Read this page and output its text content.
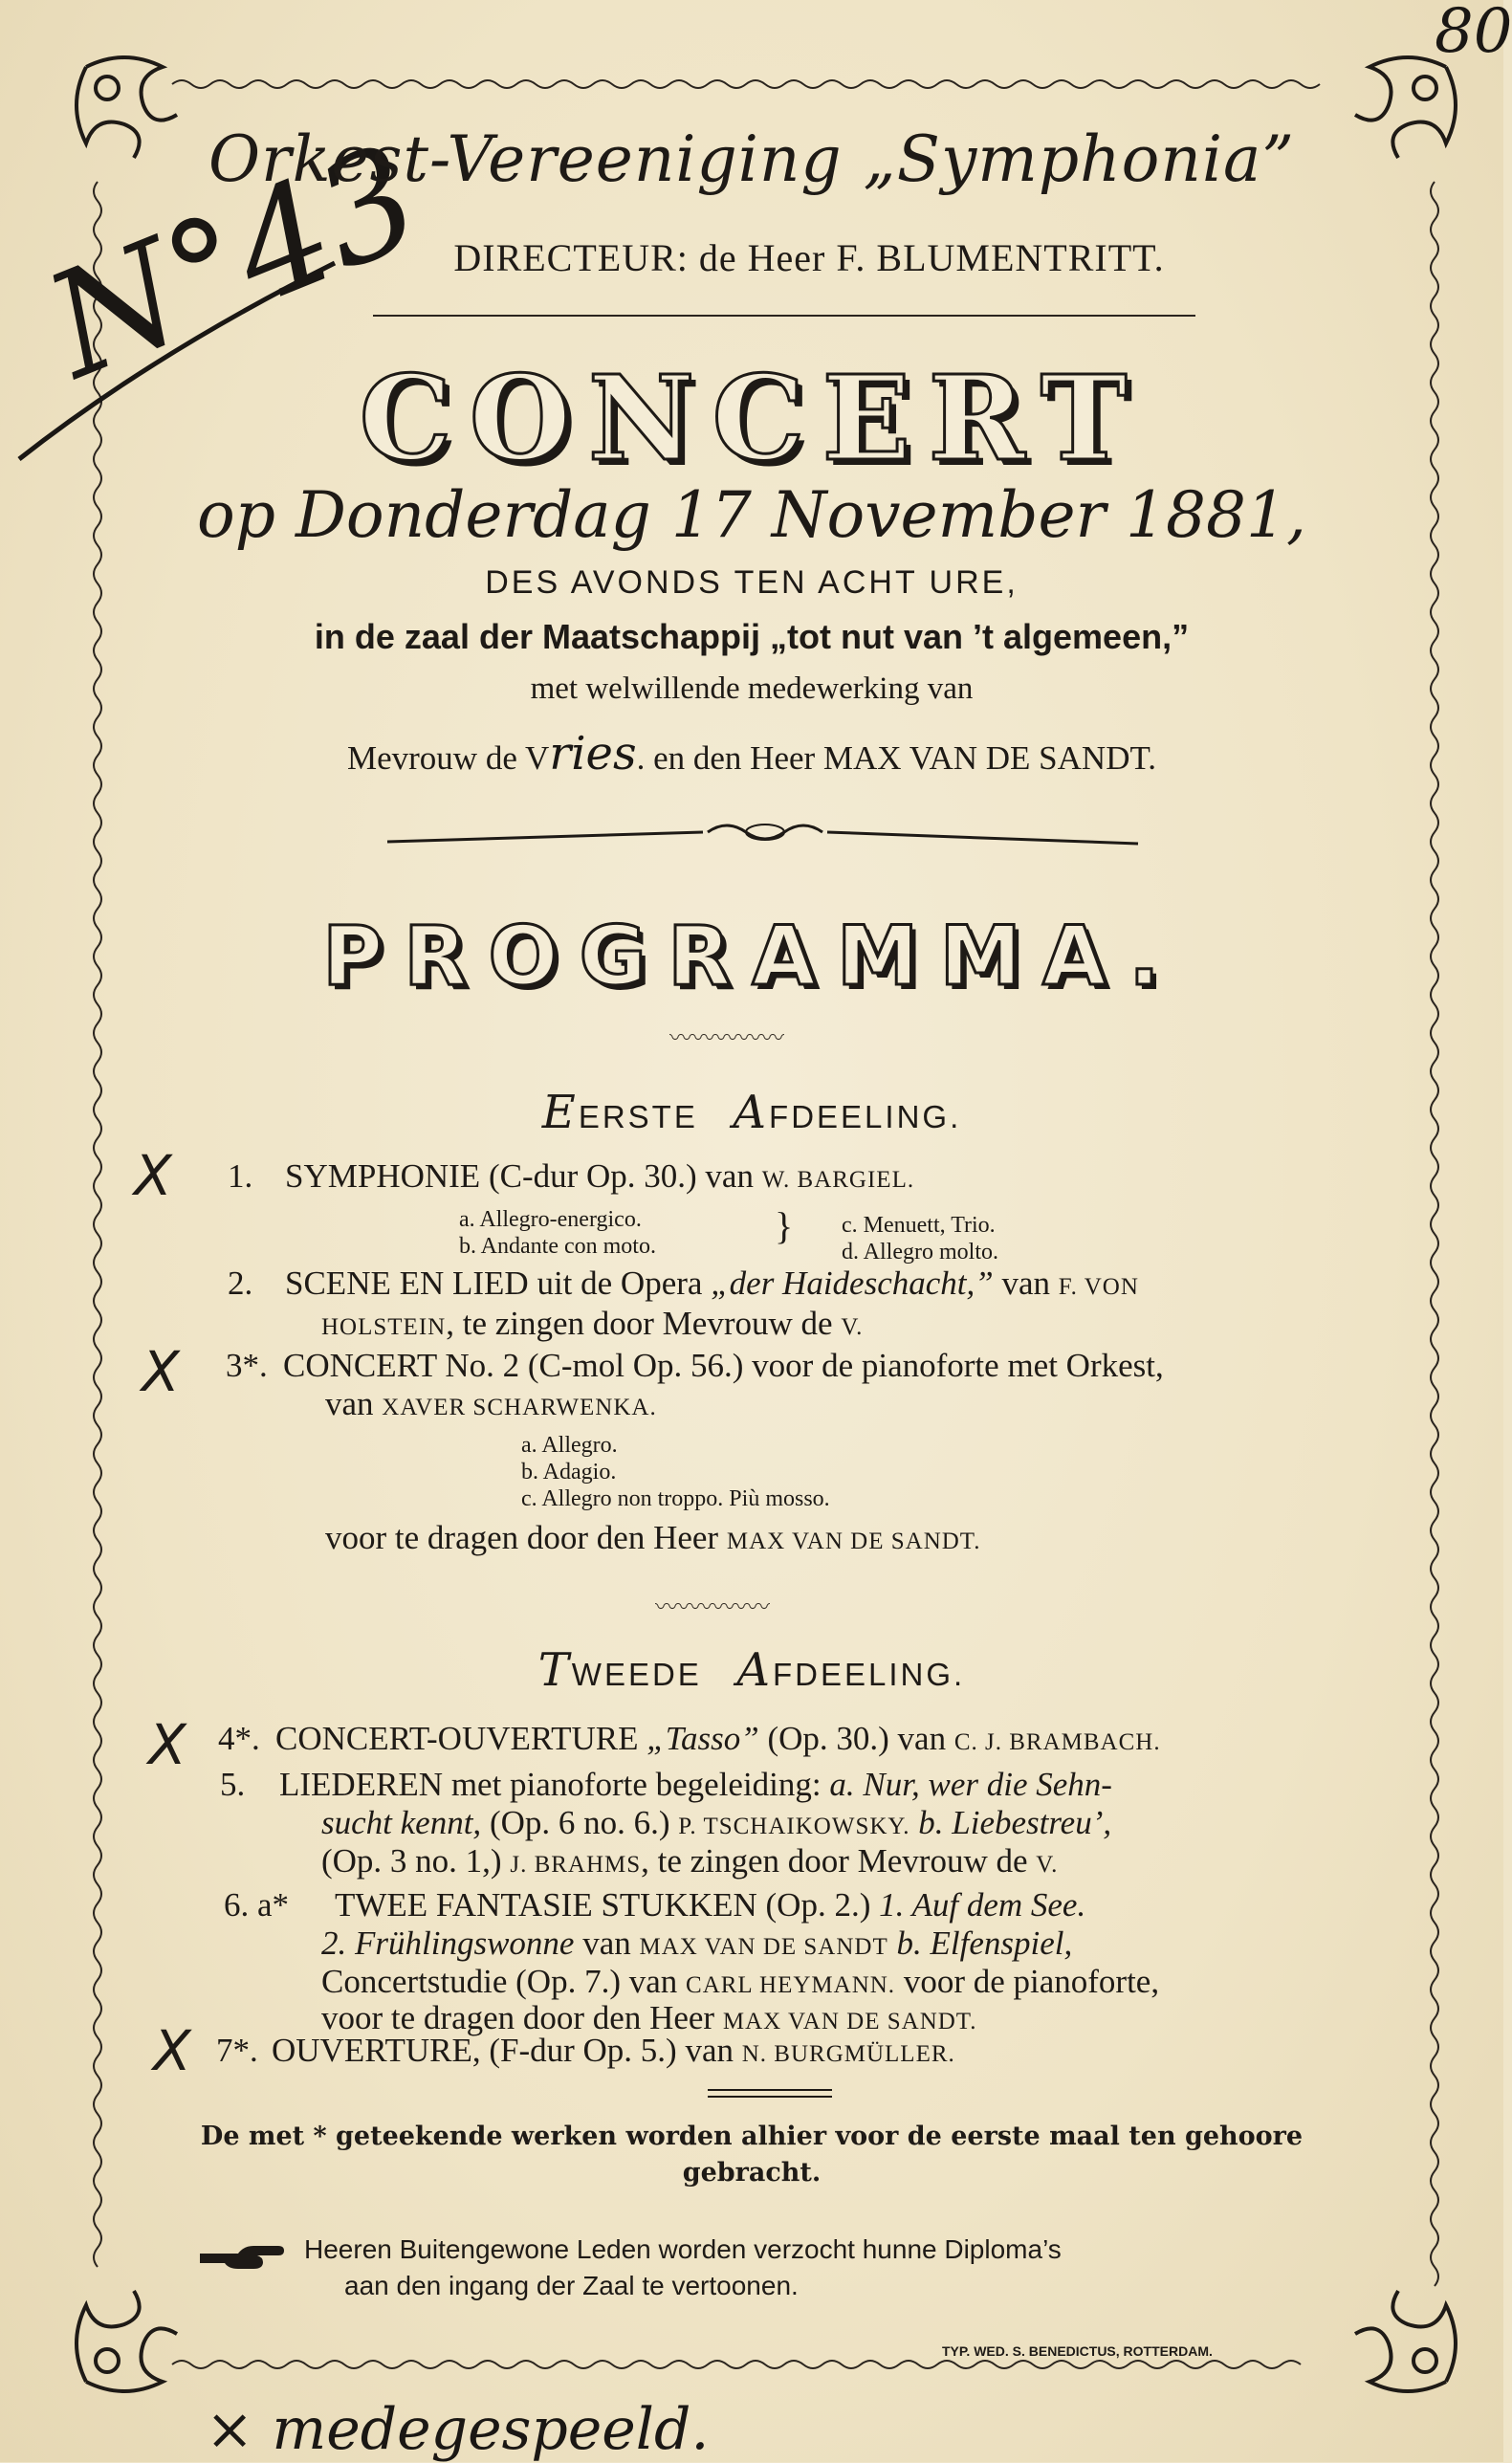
80
N°43
Orkest-Vereeniging „Symphonia”
DIRECTEUR: de Heer F. BLUMENTRITT.
CONCERT
op Donderdag 17 November 1881,
DES AVONDS TEN ACHT URE,
in de zaal der Maatschappij „tot nut van ’t algemeen,”
met welwillende medewerking van
Mevrouw de Vries. en den Heer MAX VAN DE SANDT.
PROGRAMMA.
〰〰〰〰〰
EERSTE AFDEELING.
X
X
X
X
1. SYMPHONIE (C-dur Op. 30.) van W. BARGIEL.
a. Allegro-energico.
b. Andante con moto.	} c. Menuett, Trio.
d. Allegro molto.
2. SCENE EN LIED uit de Opera „der Haideschacht,” van F. VON
HOLSTEIN, te zingen door Mevrouw de V.
3*. CONCERT No. 2 (C-mol Op. 56.) voor de pianoforte met Orkest,
van XAVER SCHARWENKA.
a. Allegro.
b. Adagio.
c. Allegro non troppo. Più mosso.
voor te dragen door den Heer MAX VAN DE SANDT.
〰〰〰〰〰
TWEEDE AFDEELING.
4*. CONCERT-OUVERTURE „Tasso” (Op. 30.) van C. J. BRAMBACH.
5. LIEDEREN met pianoforte begeleiding: a. Nur, wer die Sehn-
sucht kennt, (Op. 6 no. 6.) P. TSCHAIKOWSKY. b. Liebestreu’,
(Op. 3 no. 1,) J. BRAHMS, te zingen door Mevrouw de V.
6. a* TWEE FANTASIE STUKKEN (Op. 2.) 1. Auf dem See.
2. Frühlingswonne van MAX VAN DE SANDT b. Elfenspiel,
Concertstudie (Op. 7.) van CARL HEYMANN. voor de pianoforte,
voor te dragen door den Heer MAX VAN DE SANDT.
7*. OUVERTURE, (F-dur Op. 5.) van N. BURGMÜLLER.
De met * geteekende werken worden alhier voor de eerste maal ten gehoore
gebracht.
Heeren Buitengewone Leden worden verzocht hunne Diploma’s
aan den ingang der Zaal te vertoonen.
TYP. WED. S. BENEDICTUS, ROTTERDAM.
× medegespeeld.
